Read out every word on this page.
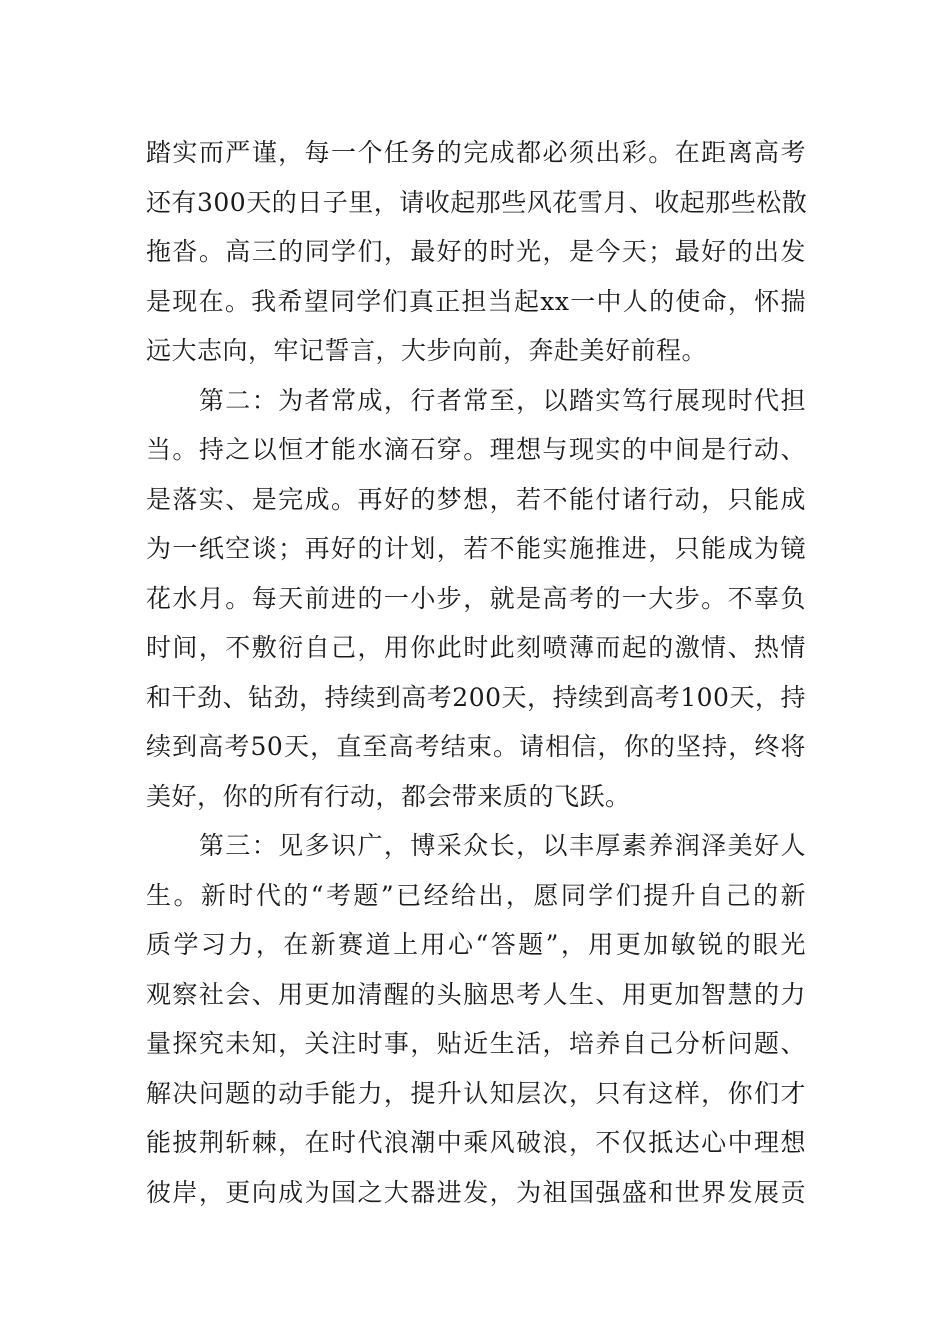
踏实而严谨，每一个任务的完成都必须出彩。在距离高考
还有300天的日子里，请收起那些风花雪月、收起那些松散
拖沓。高三的同学们，最好的时光，是今天；最好的出发
是现在。我希望同学们真正担当起xx一中人的使命，怀揣
远大志向，牢记誓言，大步向前，奔赴美好前程。
　　第二：为者常成，行者常至，以踏实笃行展现时代担
当。持之以恒才能水滴石穿。理想与现实的中间是行动、
是落实、是完成。再好的梦想，若不能付诸行动，只能成
为一纸空谈；再好的计划，若不能实施推进，只能成为镜
花水月。每天前进的一小步，就是高考的一大步。不辜负
时间，不敷衍自己，用你此时此刻喷薄而起的激情、热情
和干劲、钻劲，持续到高考200天，持续到高考100天，持
续到高考50天，直至高考结束。请相信，你的坚持，终将
美好，你的所有行动，都会带来质的飞跃。
　　第三：见多识广，博采众长，以丰厚素养润泽美好人
生。新时代的“考题”已经给出，愿同学们提升自己的新
质学习力，在新赛道上用心“答题”，用更加敏锐的眼光
观察社会、用更加清醒的头脑思考人生、用更加智慧的力
量探究未知，关注时事，贴近生活，培养自己分析问题、
解决问题的动手能力，提升认知层次，只有这样，你们才
能披荆斩棘，在时代浪潮中乘风破浪，不仅抵达心中理想
彼岸，更向成为国之大器进发，为祖国强盛和世界发展贡
